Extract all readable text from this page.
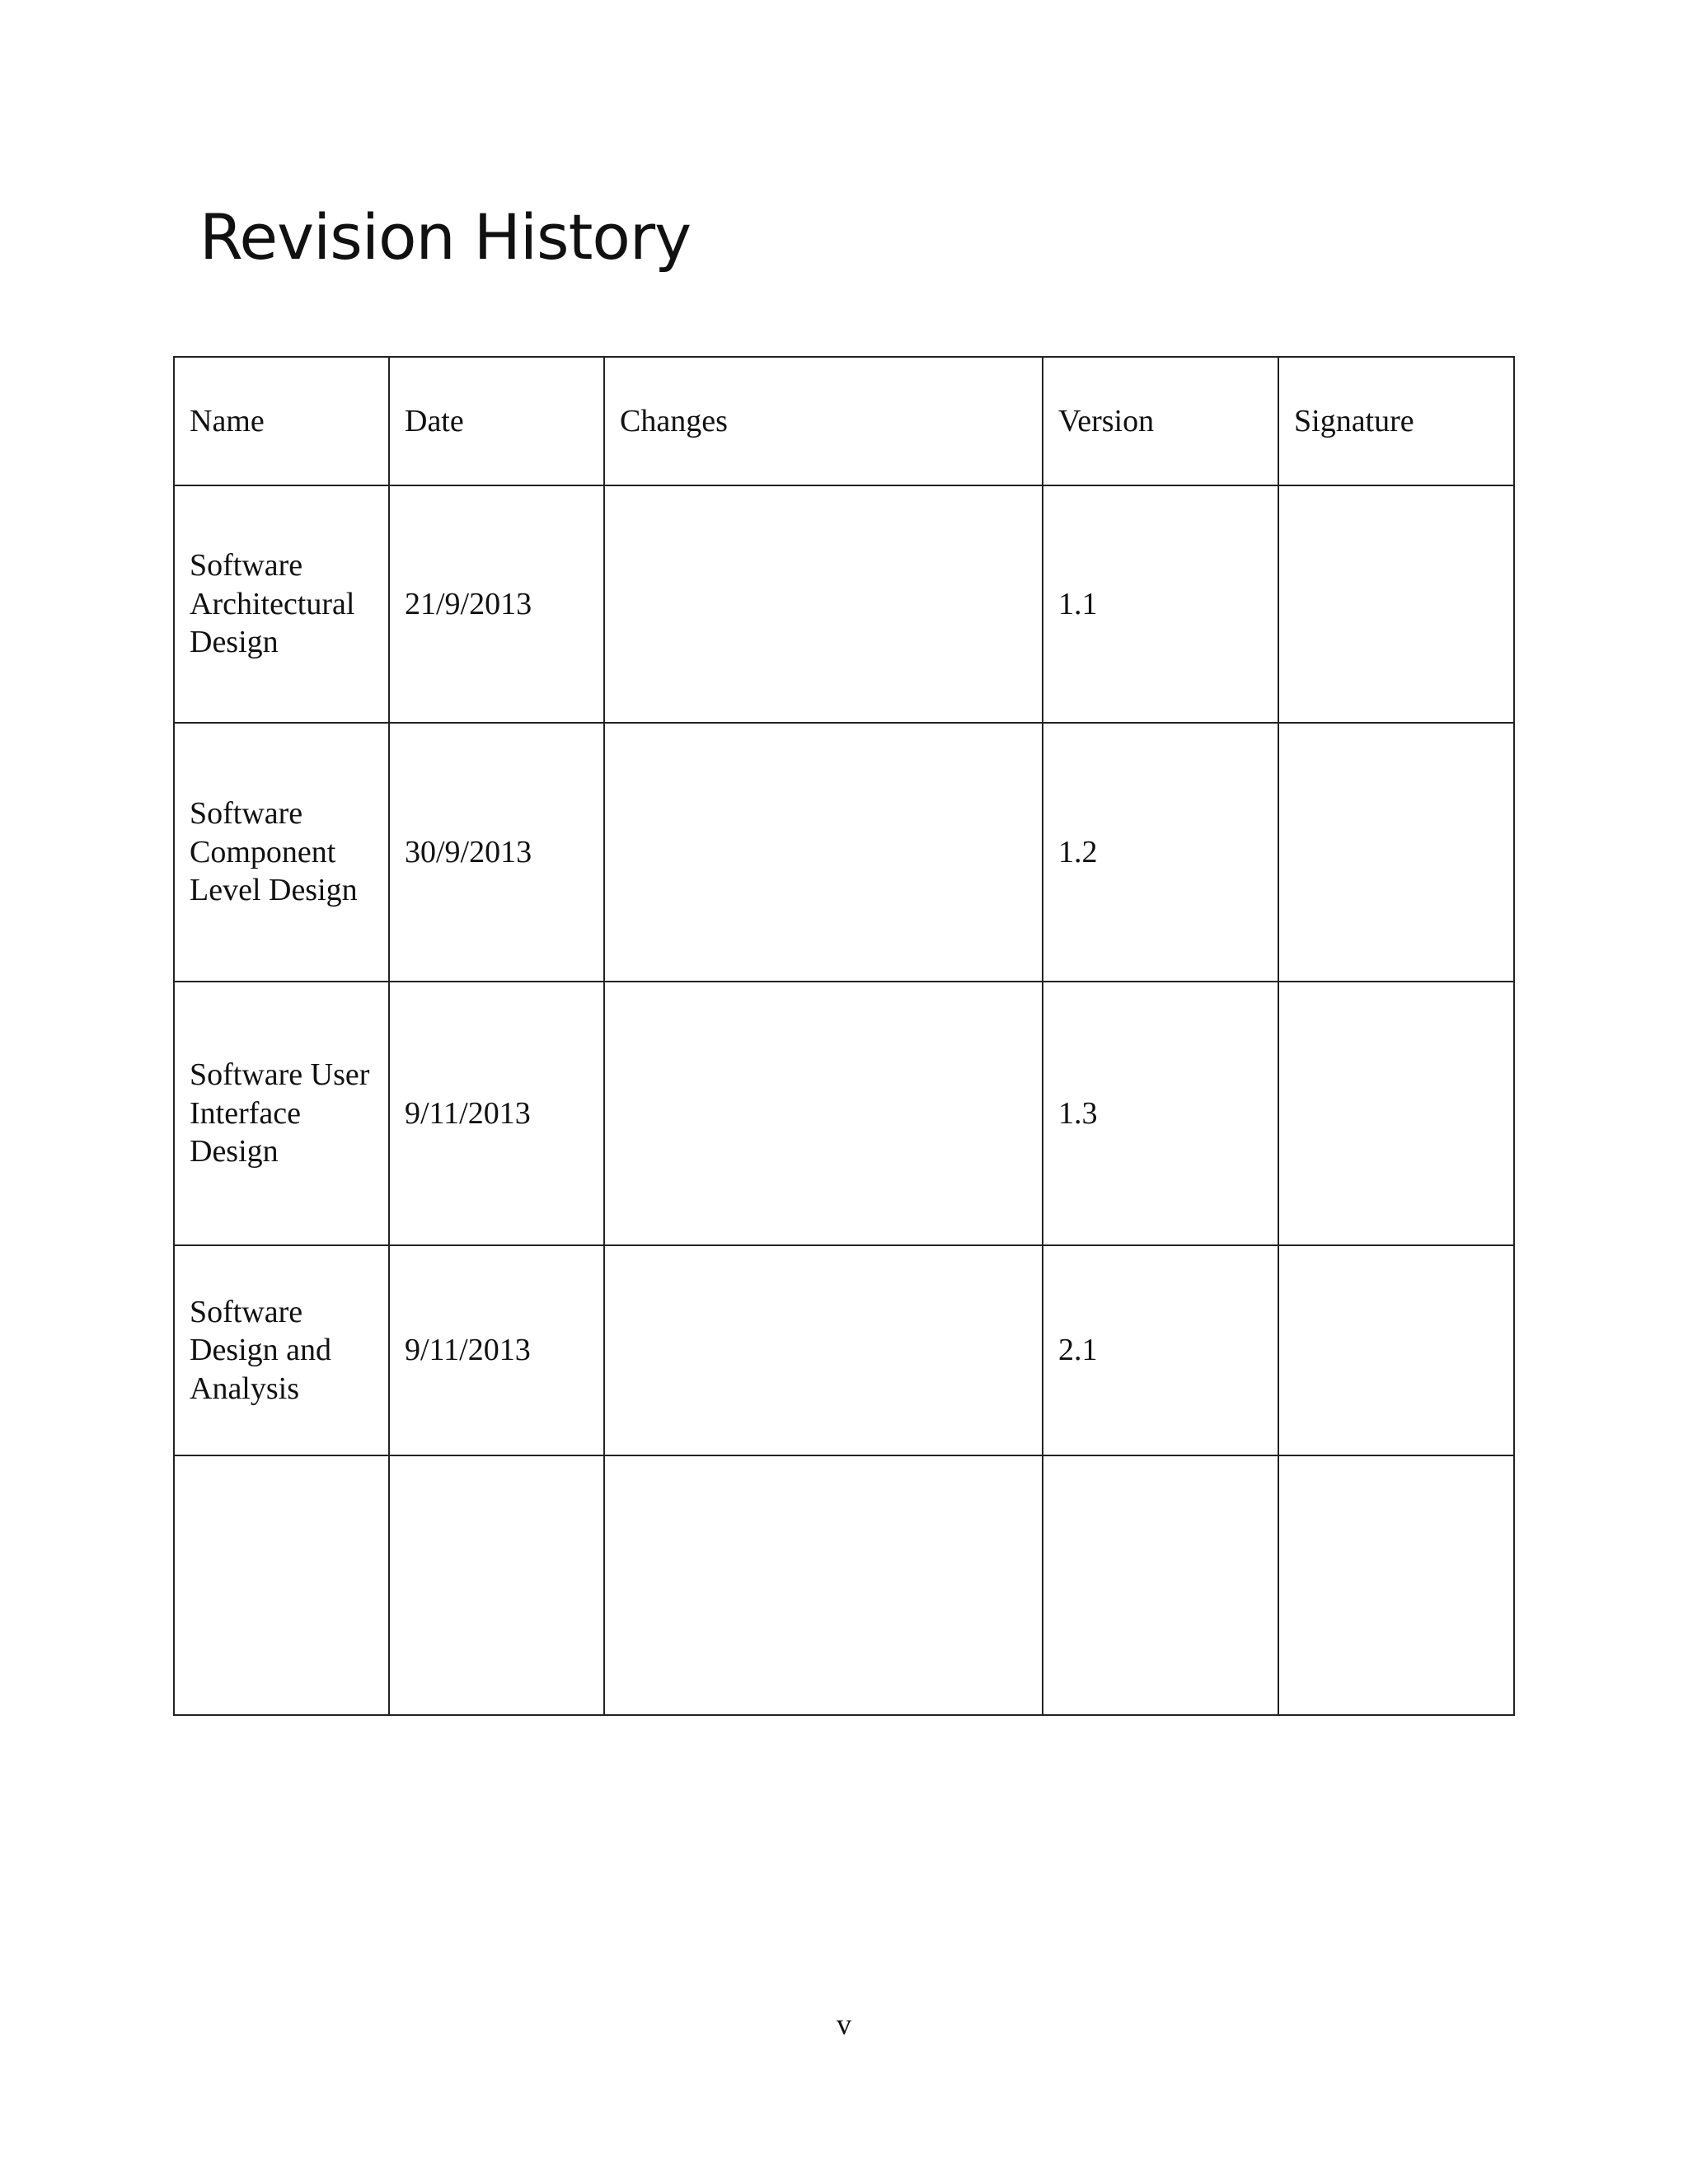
Revision History
Name	Date	Changes	Version	Signature
Software Architectural Design	21/9/2013		1.1	
Software Component Level Design	30/9/2013		1.2	
Software User Interface Design	9/11/2013		1.3	
Software Design and Analysis	9/11/2013		2.1	

v
